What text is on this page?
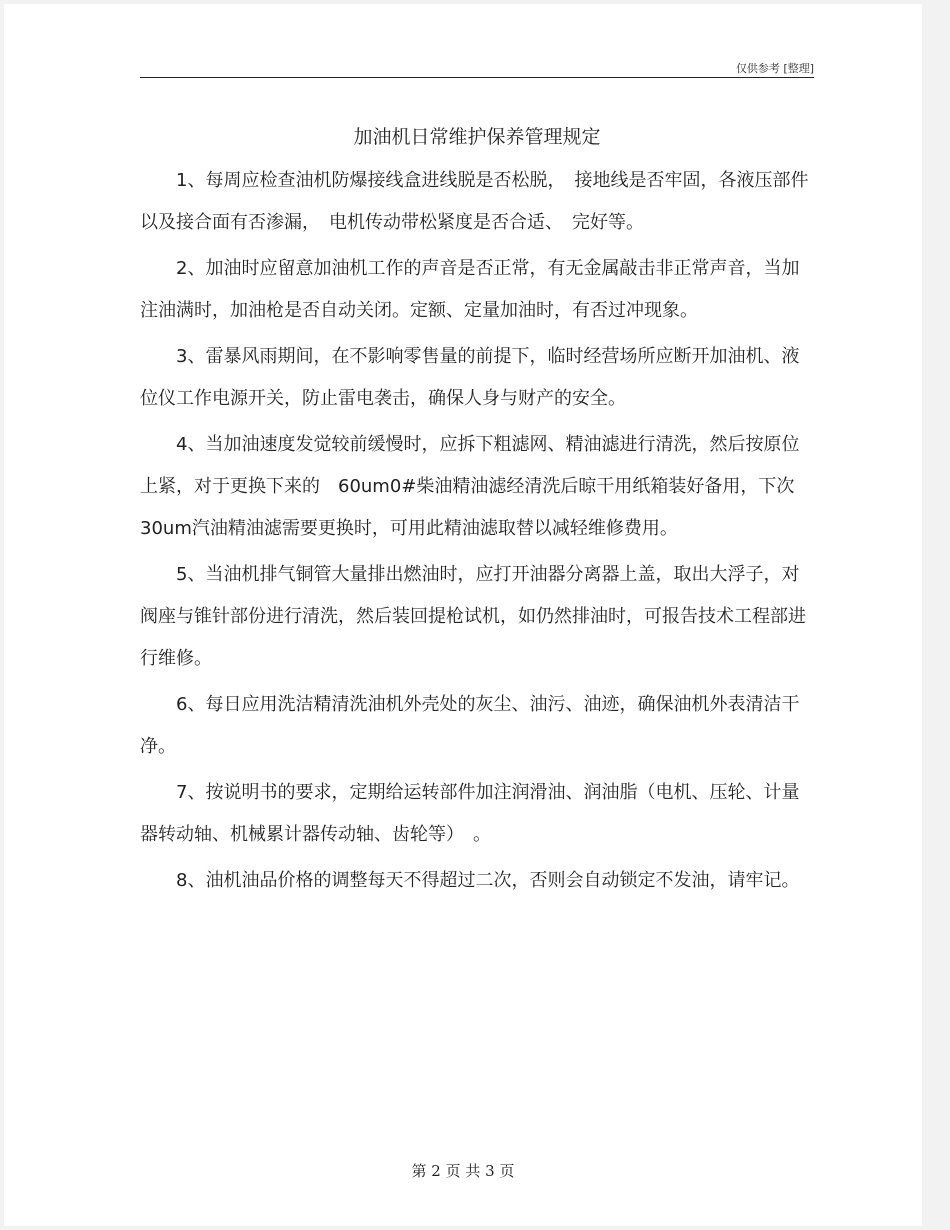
仅供参考 [整理]
加油机日常维护保养管理规定

1、每周应检查油机防爆接线盒进线脱是否松脱，　接地线是否牢固，各液压部件以及接合面有否渗漏，　电机传动带松紧度是否合适、　完好等。

2、加油时应留意加油机工作的声音是否正常，有无金属敲击非正常声音，当加注油满时，加油枪是否自动关闭。定额、定量加油时，有否过冲现象。

3、雷暴风雨期间，在不影响零售量的前提下，临时经营场所应断开加油机、液位仪工作电源开关，防止雷电袭击，确保人身与财产的安全。

4、当加油速度发觉较前缓慢时，应拆下粗滤网、精油滤进行清洗，然后按原位上紧，对于更换下来的　60um0#柴油精油滤经清洗后晾干用纸箱装好备用，下次　30um汽油精油滤需要更换时，可用此精油滤取替以减轻维修费用。

5、当油机排气铜管大量排出燃油时，应打开油器分离器上盖，取出大浮子，对阀座与锥针部份进行清洗，然后装回提枪试机，如仍然排油时，可报告技术工程部进行维修。

6、每日应用洗洁精清洗油机外壳处的灰尘、油污、油迹，确保油机外表清洁干净。

7、按说明书的要求，定期给运转部件加注润滑油、润油脂（电机、压轮、计量器转动轴、机械累计器传动轴、齿轮等）　。

8、油机油品价格的调整每天不得超过二次，否则会自动锁定不发油，请牢记。

第 2 页 共 3 页
